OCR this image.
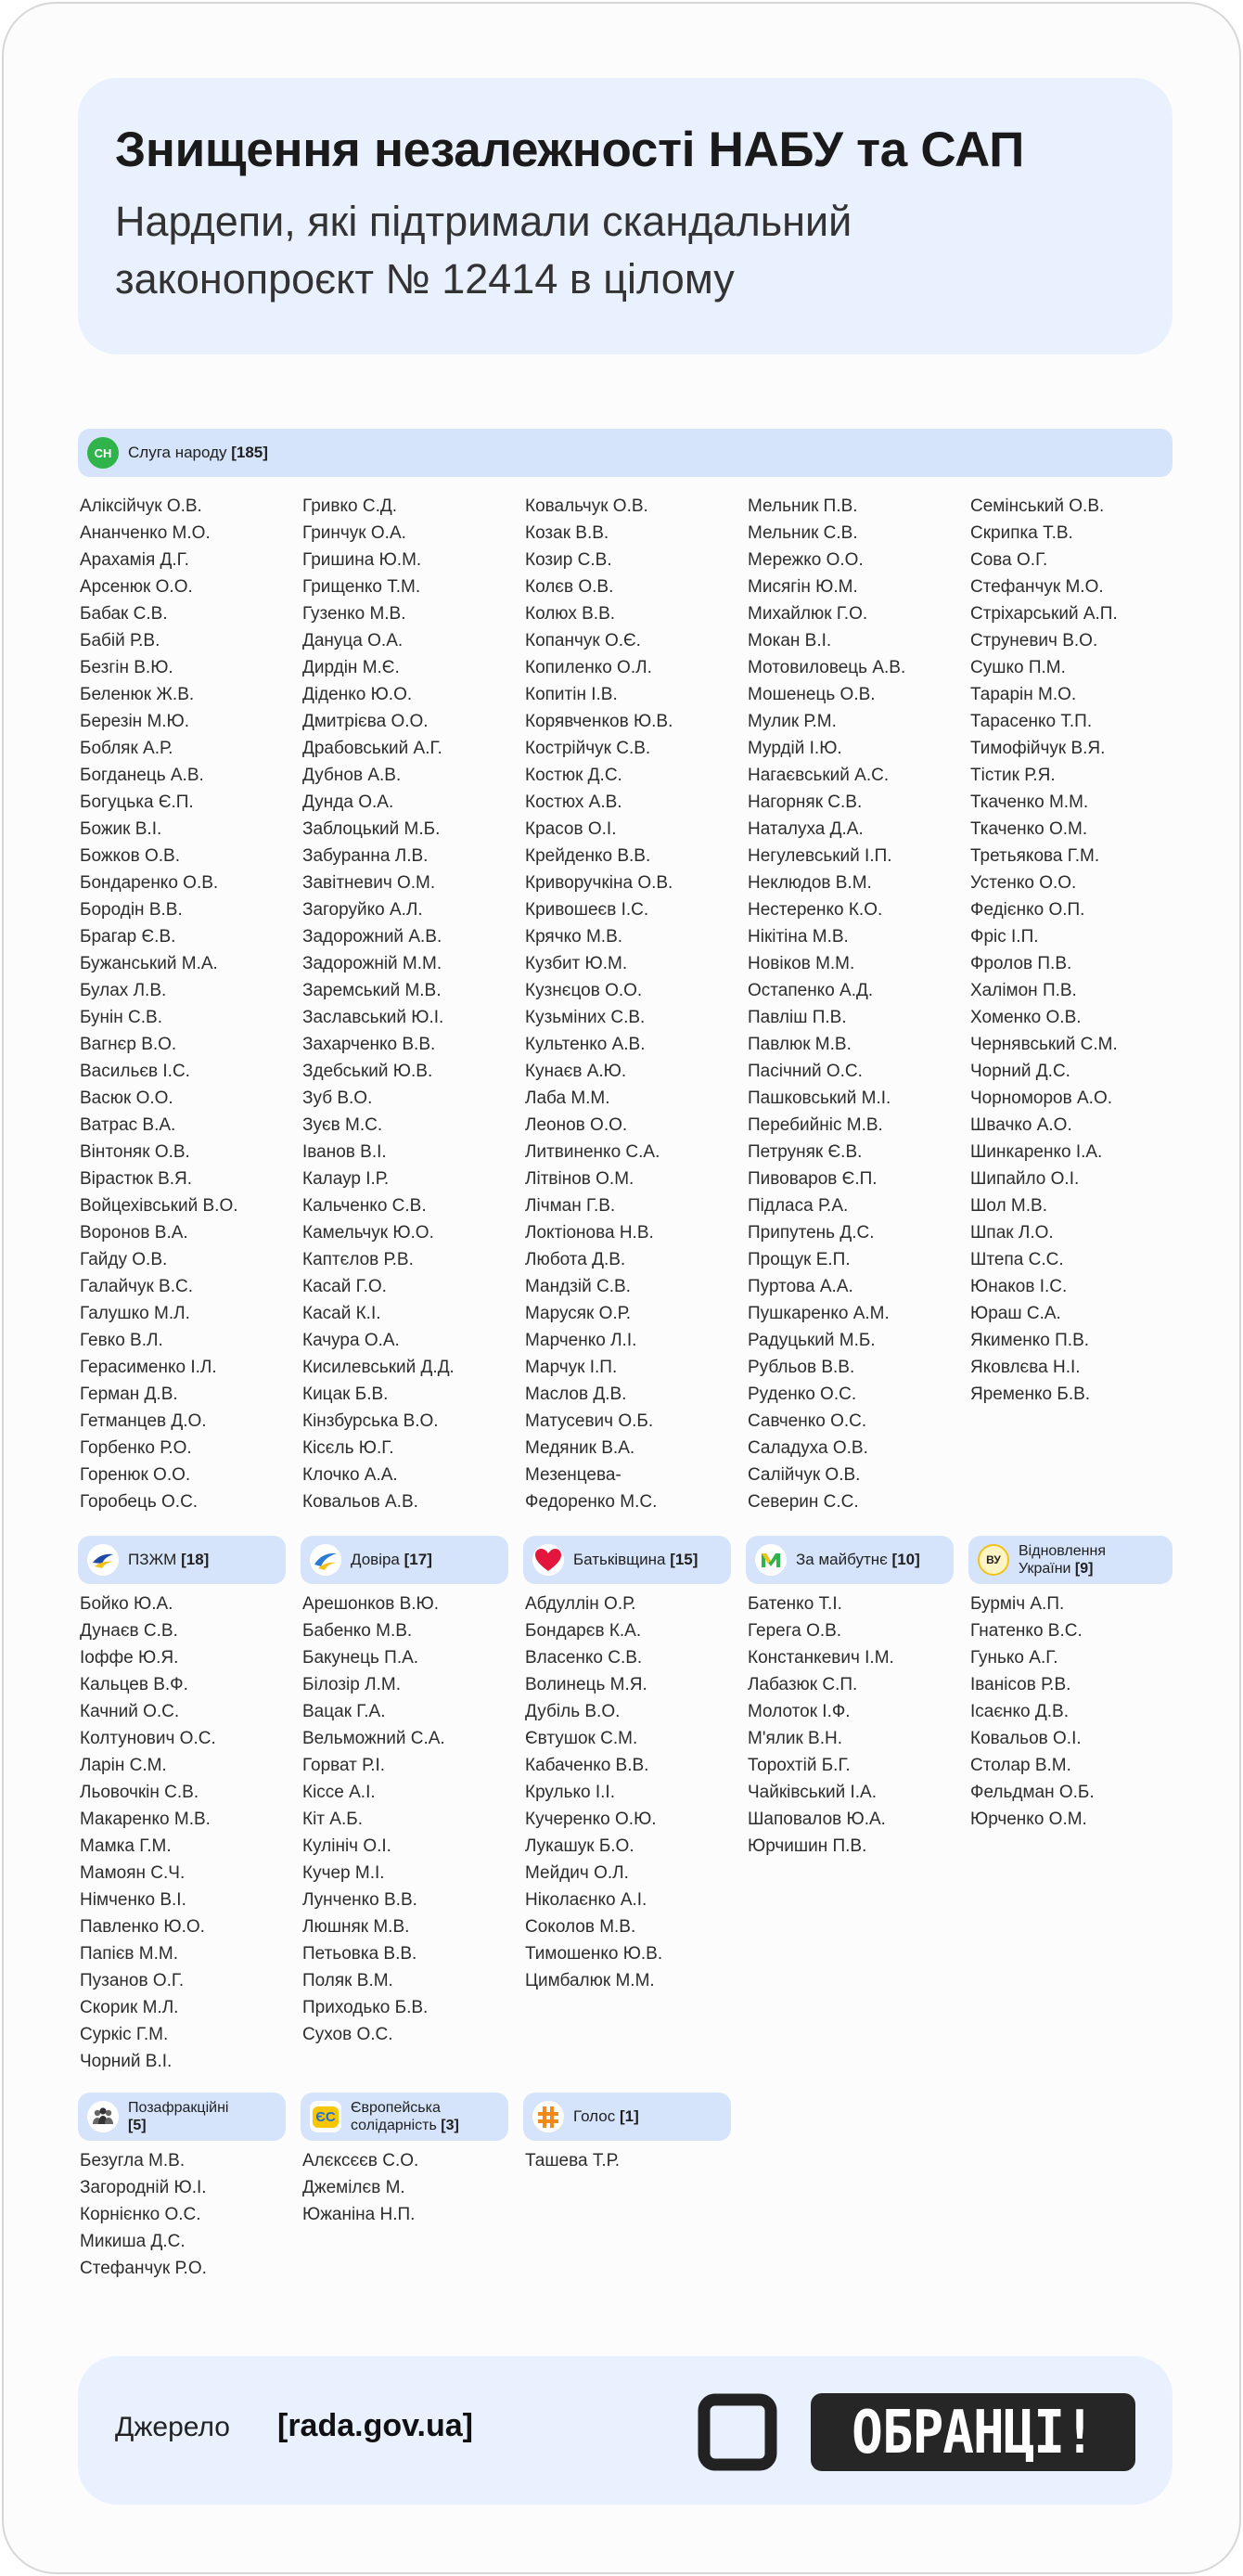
Знищення незалежності НАБУ та САП
Нардепи, які підтримали скандальний законопроєкт № 12414 в цілому
СН Слуга народу [185]
Аліксійчук О.В.
Ананченко М.О.
Арахамія Д.Г.
Арсенюк О.О.
Бабак С.В.
Бабій Р.В.
Безгін В.Ю.
Беленюк Ж.В.
Березін М.Ю.
Бобляк А.Р.
Богданець А.В.
Богуцька Є.П.
Божик В.І.
Божков О.В.
Бондаренко О.В.
Бородін В.В.
Брагар Є.В.
Бужанський М.А.
Булах Л.В.
Бунін С.В.
Вагнєр В.О.
Васильєв І.С.
Васюк О.О.
Ватрас В.А.
Вінтоняк О.В.
Вірастюк В.Я.
Войцехівський В.О.
Воронов В.А.
Гайду О.В.
Галайчук В.С.
Галушко М.Л.
Гевко В.Л.
Герасименко І.Л.
Герман Д.В.
Гетманцев Д.О.
Горбенко Р.О.
Горенюк О.О.
Горобець О.С.
Гривко С.Д.
Гринчук О.А.
Гришина Ю.М.
Грищенко Т.М.
Гузенко М.В.
Дануца О.А.
Дирдін М.Є.
Діденко Ю.О.
Дмитрієва О.О.
Драбовський А.Г.
Дубнов А.В.
Дунда О.А.
Заблоцький М.Б.
Забуранна Л.В.
Завітневич О.М.
Загоруйко А.Л.
Задорожний А.В.
Задорожній М.М.
Заремський М.В.
Заславський Ю.І.
Захарченко В.В.
Здебський Ю.В.
Зуб В.О.
Зуєв М.С.
Іванов В.І.
Калаур І.Р.
Кальченко С.В.
Камельчук Ю.О.
Каптєлов Р.В.
Касай Г.О.
Касай К.І.
Качура О.А.
Кисилевський Д.Д.
Кицак Б.В.
Кінзбурська В.О.
Кісєль Ю.Г.
Клочко А.А.
Ковальов А.В.
Ковальчук О.В.
Козак В.В.
Козир С.В.
Колєв О.В.
Колюх В.В.
Копанчук О.Є.
Копиленко О.Л.
Копитін І.В.
Корявченков Ю.В.
Кострійчук С.В.
Костюк Д.С.
Костюх А.В.
Красов О.І.
Крейденко В.В.
Криворучкіна О.В.
Кривошеєв І.С.
Крячко М.В.
Кузбит Ю.М.
Кузнєцов О.О.
Кузьміних С.В.
Культенко А.В.
Кунаєв А.Ю.
Лаба М.М.
Леонов О.О.
Литвиненко С.А.
Літвінов О.М.
Лічман Г.В.
Локтіонова Н.В.
Любота Д.В.
Мандзій С.В.
Марусяк О.Р.
Марченко Л.І.
Марчук І.П.
Маслов Д.В.
Матусевич О.Б.
Медяник В.А.
Мезенцева-
Федоренко М.С.
Мельник П.В.
Мельник С.В.
Мережко О.О.
Мисягін Ю.М.
Михайлюк Г.О.
Мокан В.І.
Мотовиловець А.В.
Мошенець О.В.
Мулик Р.М.
Мурдій І.Ю.
Нагаєвський А.С.
Нагорняк С.В.
Наталуха Д.А.
Негулевський І.П.
Неклюдов В.М.
Нестеренко К.О.
Нікітіна М.В.
Новіков М.М.
Остапенко А.Д.
Павліш П.В.
Павлюк М.В.
Пасічний О.С.
Пашковський М.І.
Перебийніс М.В.
Петруняк Є.В.
Пивоваров Є.П.
Підласа Р.А.
Припутень Д.С.
Прощук Е.П.
Пуртова А.А.
Пушкаренко А.М.
Радуцький М.Б.
Рубльов В.В.
Руденко О.С.
Савченко О.С.
Саладуха О.В.
Салійчук О.В.
Северин С.С.
Семінський О.В.
Скрипка Т.В.
Сова О.Г.
Стефанчук М.О.
Стріхарський А.П.
Струневич В.О.
Сушко П.М.
Тарарін М.О.
Тарасенко Т.П.
Тимофійчук В.Я.
Тістик Р.Я.
Ткаченко М.М.
Ткаченко О.М.
Третьякова Г.М.
Устенко О.О.
Федієнко О.П.
Фріс І.П.
Фролов П.В.
Халімон П.В.
Хоменко О.В.
Чернявський С.М.
Чорний Д.С.
Чорноморов А.О.
Швачко А.О.
Шинкаренко І.А.
Шипайло О.І.
Шол М.В.
Шпак Л.О.
Штепа С.С.
Юнаков І.С.
Юраш С.А.
Якименко П.В.
Яковлєва Н.І.
Яременко Б.В.
ПЗЖМ [18]	Довіра [17]	Батьківщина [15]	За майбутнє [10]	ВУ
Відновлення
України [9]
Бойко Ю.А.
Дунаєв С.В.
Іоффе Ю.Я.
Кальцев В.Ф.
Качний О.С.
Колтунович О.С.
Ларін С.М.
Льовочкін С.В.
Макаренко М.В.
Мамка Г.М.
Мамоян С.Ч.
Німченко В.І.
Павленко Ю.О.
Папієв М.М.
Пузанов О.Г.
Скорик М.Л.
Суркіс Г.М.
Чорний В.І.
Арешонков В.Ю.
Бабенко М.В.
Бакунець П.А.
Білозір Л.М.
Вацак Г.А.
Вельможний С.А.
Горват Р.І.
Кіссе А.І.
Кіт А.Б.
Кулініч О.І.
Кучер М.І.
Лунченко В.В.
Люшняк М.В.
Петьовка В.В.
Поляк В.М.
Приходько Б.В.
Сухов О.С.
Абдуллін О.Р.
Бондарєв К.А.
Власенко С.В.
Волинець М.Я.
Дубіль В.О.
Євтушок С.М.
Кабаченко В.В.
Крулько І.І.
Кучеренко О.Ю.
Лукашук Б.О.
Мейдич О.Л.
Ніколаєнко А.І.
Соколов М.В.
Тимошенко Ю.В.
Цимбалюк М.М.
Батенко Т.І.
Герега О.В.
Констанкевич І.М.
Лабазюк С.П.
Молоток І.Ф.
М'ялик В.Н.
Торохтій Б.Г.
Чайківський І.А.
Шаповалов Ю.А.
Юрчишин П.В.
Бурміч А.П.
Гнатенко В.С.
Гунько А.Г.
Іванісов Р.В.
Ісаєнко Д.В.
Ковальов О.І.
Столар В.М.
Фельдман О.Б.
Юрченко О.М.
Позафракційні
[5]
ЄС
Європейська
солідарність [3]
Голос [1]
Безугла М.В.
Загородній Ю.І.
Корнієнко О.С.
Микиша Д.С.
Стефанчук Р.О.
Алєксєєв С.О.
Джемілєв М.
Южаніна Н.П.
Ташева Т.Р.
Джерело [rada.gov.ua]	ОБРАНЦІ!
